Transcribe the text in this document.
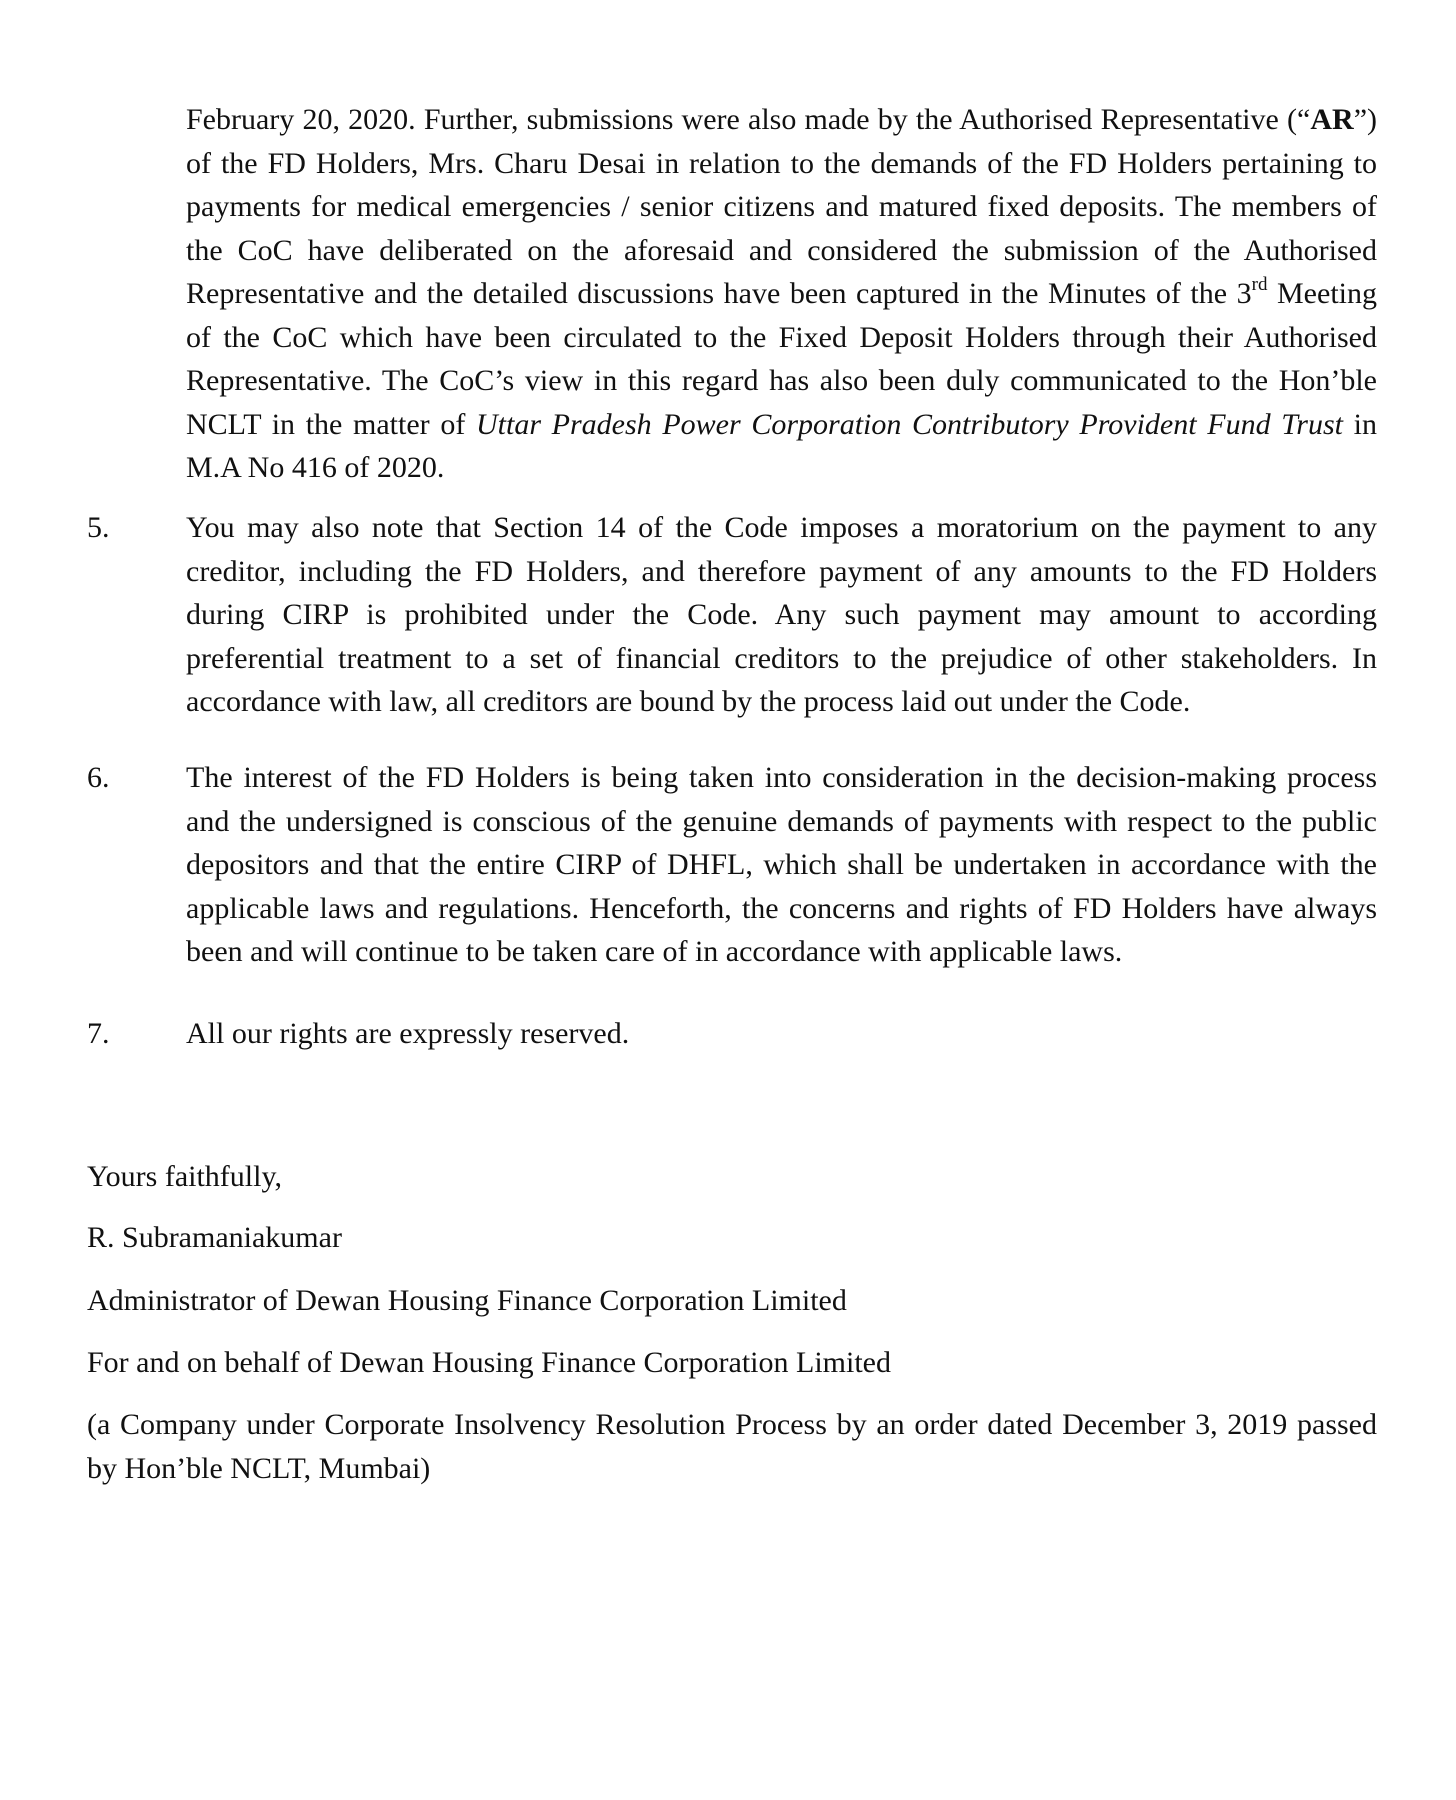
February 20, 2020. Further, submissions were also made by the Authorised Representative (“AR”) of the FD Holders, Mrs. Charu Desai in relation to the demands of the FD Holders pertaining to payments for medical emergencies / senior citizens and matured fixed deposits. The members of the CoC have deliberated on the aforesaid and considered the submission of the Authorised Representative and the detailed discussions have been captured in the Minutes of the 3rd Meeting of the CoC which have been circulated to the Fixed Deposit Holders through their Authorised Representative. The CoC’s view in this regard has also been duly communicated to the Hon’ble NCLT in the matter of Uttar Pradesh Power Corporation Contributory Provident Fund Trust in M.A No 416 of 2020.

5.	You may also note that Section 14 of the Code imposes a moratorium on the payment to any creditor, including the FD Holders, and therefore payment of any amounts to the FD Holders during CIRP is prohibited under the Code. Any such payment may amount to according preferential treatment to a set of financial creditors to the prejudice of other stakeholders. In accordance with law, all creditors are bound by the process laid out under the Code.
6.	The interest of the FD Holders is being taken into consideration in the decision-making process and the undersigned is conscious of the genuine demands of payments with respect to the public depositors and that the entire CIRP of DHFL, which shall be undertaken in accordance with the applicable laws and regulations. Henceforth, the concerns and rights of FD Holders have always been and will continue to be taken care of in accordance with applicable laws.
7.	All our rights are expressly reserved.
Yours faithfully,
R. Subramaniakumar
Administrator of Dewan Housing Finance Corporation Limited
For and on behalf of Dewan Housing Finance Corporation Limited
(a Company under Corporate Insolvency Resolution Process by an order dated December 3, 2019 passed by Hon’ble NCLT, Mumbai)
